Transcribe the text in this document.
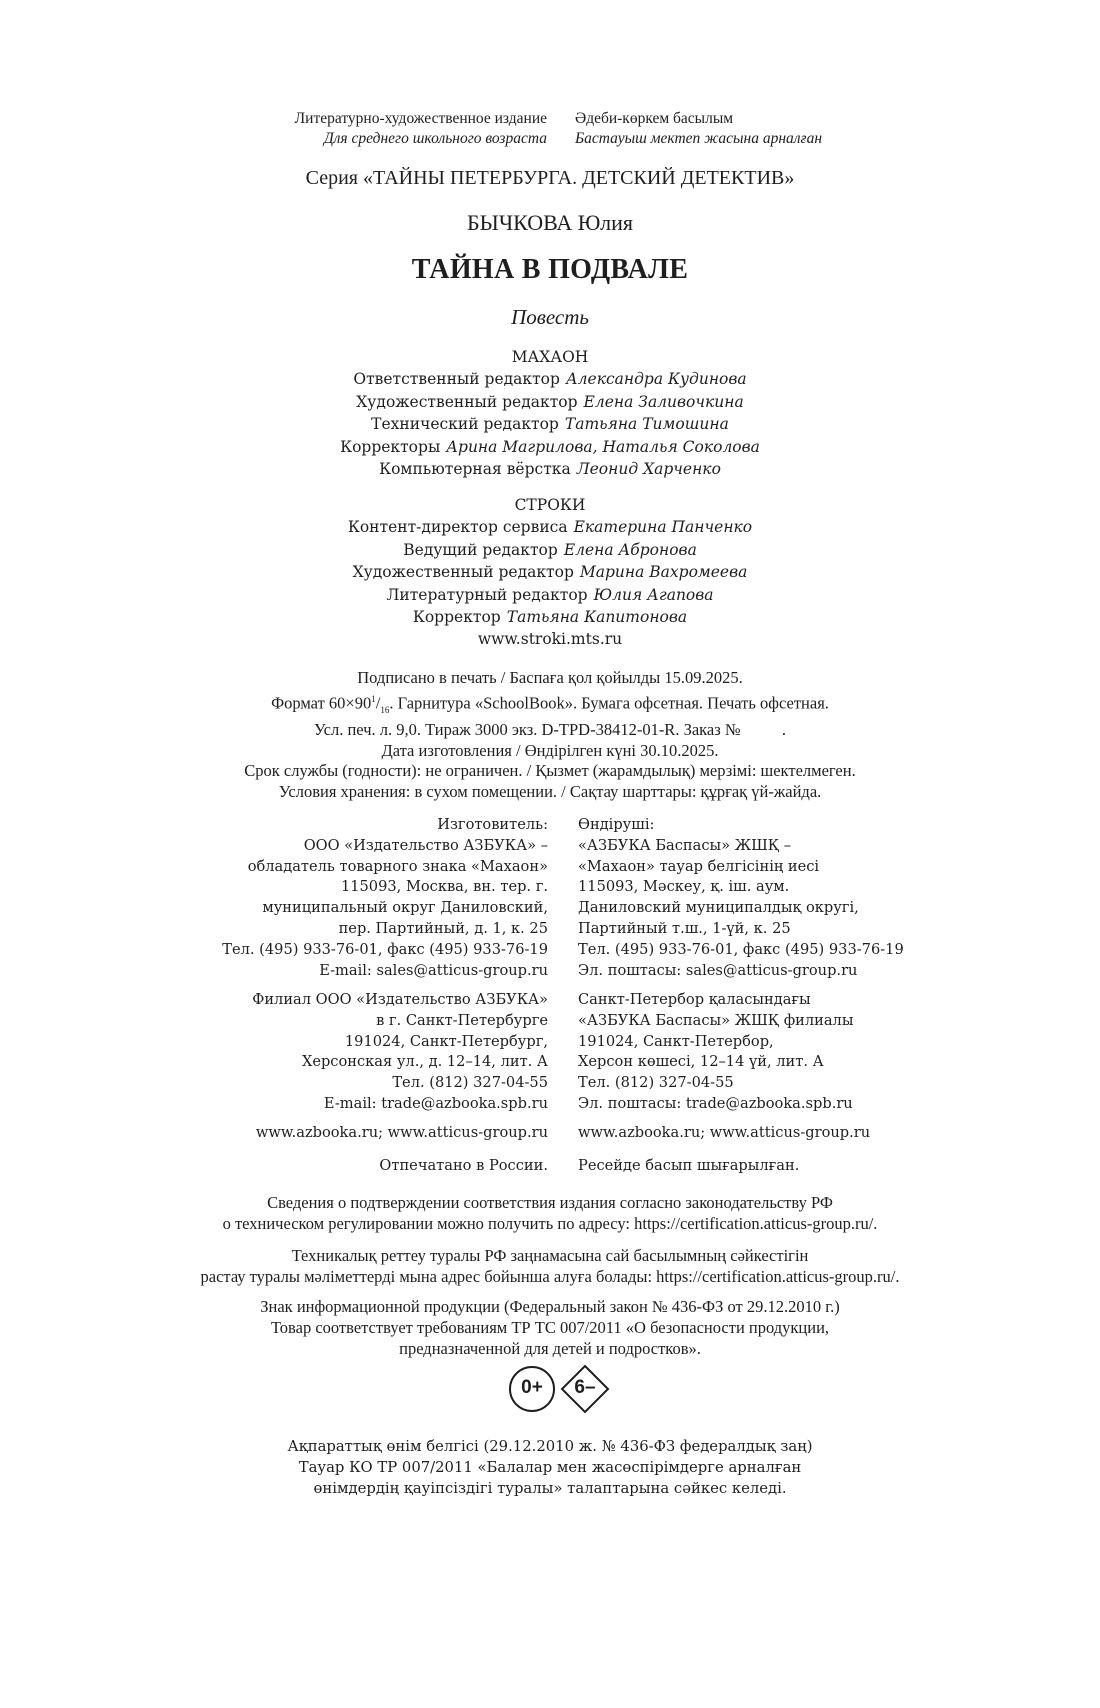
Литературно-художественное издание
Для среднего школьного возраста
Әдеби-көркем басылым
Бастауыш мектеп жасына арналған
Серия «ТАЙНЫ ПЕТЕРБУРГА. ДЕТСКИЙ ДЕТЕКТИВ»
БЫЧКОВА Юлия
ТАЙНА В ПОДВАЛЕ
Повесть
МАХАОН
Ответственный редактор Александра Кудинова
Художественный редактор Елена Заливочкина
Технический редактор Татьяна Тимошина
Корректоры Арина Магрилова, Наталья Соколова
Компьютерная вёрстка Леонид Харченко
СТРОКИ
Контент-директор сервиса Екатерина Панченко
Ведущий редактор Елена Абронова
Художественный редактор Марина Вахромеева
Литературный редактор Юлия Агапова
Корректор Татьяна Капитонова
www.stroki.mts.ru
Подписано в печать / Баспаға қол қойылды 15.09.2025.
Формат $60\times 90^1/_{16}$. Гарнитура «SchoolBook». Бумага офсетная. Печать офсетная.
Усл. печ. л. 9,0. Тираж 3000 экз. D-TPD-38412-01-R. Заказ №          .
Дата изготовления / Өндірілген күні 30.10.2025.
Срок службы (годности): не ограничен. / Қызмет (жарамдылық) мерзімі: шектелмеген.
Условия хранения: в сухом помещении. / Сақтау шарттары: құрғақ үй-жайда.
Изготовитель:
ООО «Издательство АЗБУКА» –
обладатель товарного знака «Махаон»
115093, Москва, вн. тер. г.
муниципальный округ Даниловский,
пер. Партийный, д. 1, к. 25
Тел. (495) 933-76-01, факс (495) 933-76-19
E-mail: sales@atticus-group.ru
Филиал ООО «Издательство АЗБУКА»
в г. Санкт-Петербурге
191024, Санкт-Петербург,
Херсонская ул., д. 12–14, лит. А
Тел. (812) 327-04-55
E-mail: trade@azbooka.spb.ru
www.azbooka.ru; www.atticus-group.ru
Отпечатано в России.
Өндіруші:
«АЗБУКА Баспасы» ЖШҚ –
«Махаон» тауар белгісінің иесі
115093, Мәскеу, қ. іш. аум.
Даниловский муниципалдық округі,
Партийный т.ш., 1-үй, к. 25
Тел. (495) 933-76-01, факс (495) 933-76-19
Эл. поштасы: sales@atticus-group.ru
Санкт-Петербор қаласындағы
«АЗБУКА Баспасы» ЖШҚ филиалы
191024, Санкт-Петербор,
Херсон көшесі, 12–14 үй, лит. А
Тел. (812) 327-04-55
Эл. поштасы: trade@azbooka.spb.ru
www.azbooka.ru; www.atticus-group.ru
Ресейде басып шығарылған.
Сведения о подтверждении соответствия издания согласно законодательству РФ
о техническом регулировании можно получить по адресу: https://certification.atticus-group.ru/.
Техникалық реттеу туралы РФ заңнамасына сай басылымның сәйкестігін
растау туралы мәліметтерді мына адрес бойынша алуға болады: https://certification.atticus-group.ru/.
Знак информационной продукции (Федеральный закон № 436-ФЗ от 29.12.2010 г.)
Товар соответствует требованиям ТР ТС 007/2011 «О безопасности продукции,
предназначенной для детей и подростков».
0+	6–
Ақпараттық өнім белгісі (29.12.2010 ж. № 436-ФЗ федералдық заң)
Тауар КО ТР 007/2011 «Балалар мен жасөспірімдерге арналған
өнімдердің қауіпсіздігі туралы» талаптарына сәйкес келеді.
